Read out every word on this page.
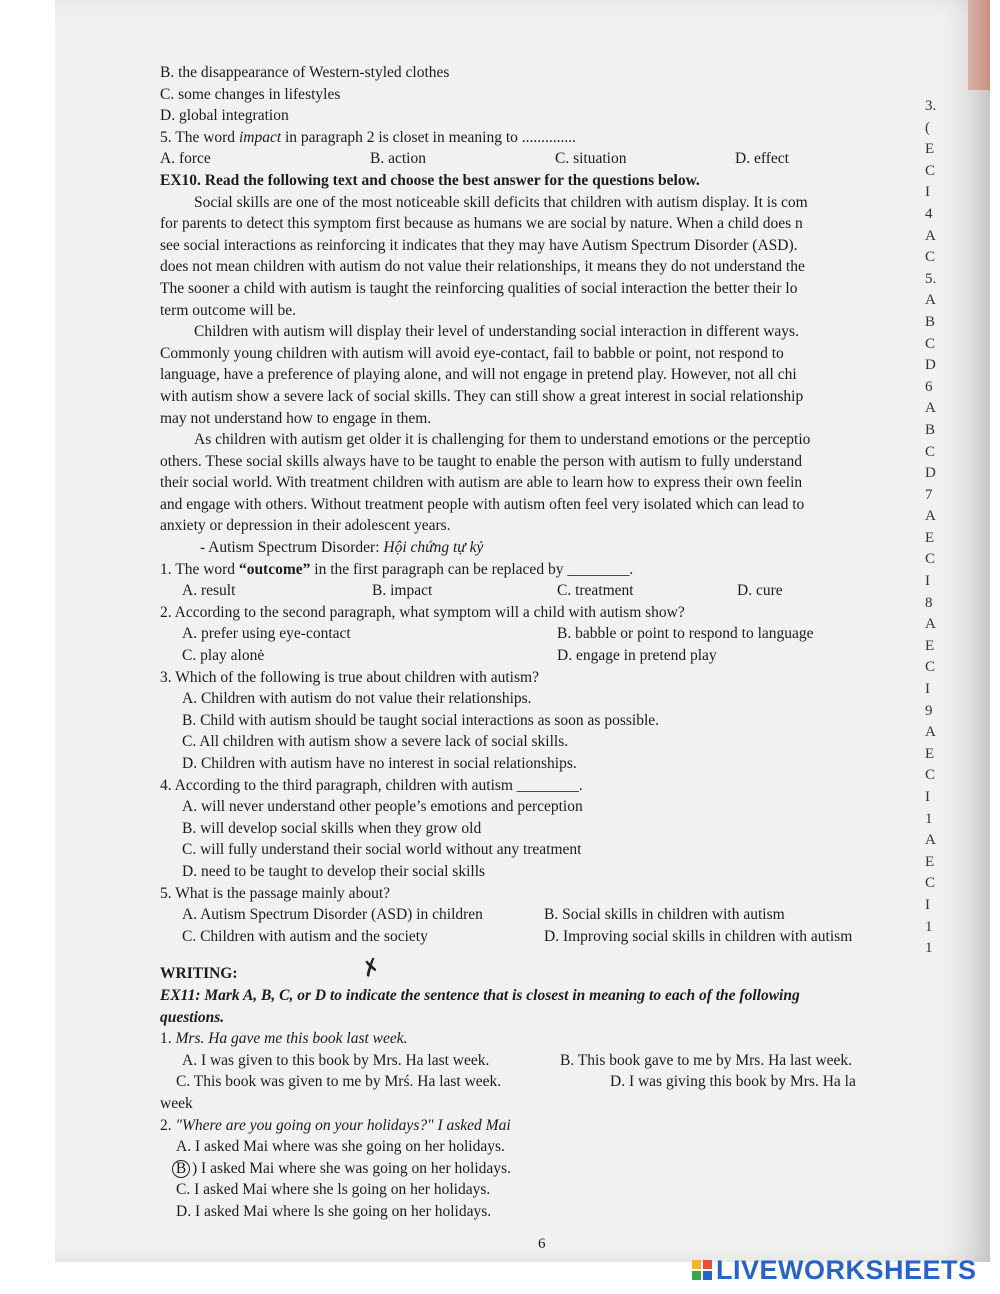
B. the disappearance of Western-styled clothes
C. some changes in lifestyles
D. global integration
5. The word impact in paragraph 2 is closet in meaning to ..............
A. force	B. action	C. situation	D. effect
EX10. Read the following text and choose the best answer for the questions below.
Social skills are one of the most noticeable skill deficits that children with autism display. It is com
for parents to detect this symptom first because as humans we are social by nature. When a child does n
see social interactions as reinforcing it indicates that they may have Autism Spectrum Disorder (ASD).
does not mean children with autism do not value their relationships, it means they do not understand the
The sooner a child with autism is taught the reinforcing qualities of social interaction the better their lo
term outcome will be.
Children with autism will display their level of understanding social interaction in different ways.
Commonly young children with autism will avoid eye-contact, fail to babble or point, not respond to
language, have a preference of playing alone, and will not engage in pretend play. However, not all chi
with autism show a severe lack of social skills. They can still show a great interest in social relationship
may not understand how to engage in them.
As children with autism get older it is challenging for them to understand emotions or the perceptio
others. These social skills always have to be taught to enable the person with autism to fully understand
their social world. With treatment children with autism are able to learn how to express their own feelin
and engage with others. Without treatment people with autism often feel very isolated which can lead to
anxiety or depression in their adolescent years.
- Autism Spectrum Disorder: Hội chứng tự kỷ
1. The word “outcome” in the first paragraph can be replaced by ________.
A. result	B. impact	C. treatment	D. cure
2. According to the second paragraph, what symptom will a child with autism show?
A. prefer using eye-contact	B. babble or point to respond to language
C. play alonė	D. engage in pretend play
3. Which of the following is true about children with autism?
A. Children with autism do not value their relationships.
B. Child with autism should be taught social interactions as soon as possible.
C. All children with autism show a severe lack of social skills.
D. Children with autism have no interest in social relationships.
4. According to the third paragraph, children with autism ________.
A. will never understand other people’s emotions and perception
B. will develop social skills when they grow old
C. will fully understand their social world without any treatment
D. need to be taught to develop their social skills
5. What is the passage mainly about?
A. Autism Spectrum Disorder (ASD) in children	B. Social skills in children with autism
C. Children with autism and the society	D. Improving social skills in children with autism
WRITING:
EX11: Mark A, B, C, or D to indicate the sentence that is closest in meaning to each of the following
questions.
1. Mrs. Ha gave me this book last week.
A. I was given to this book by Mrs. Ha last week.	B. This book gave to me by Mrs. Ha last week.
C. This book was given to me by Mrś. Ha last week.	D. I was giving this book by Mrs. Ha la
week
2. "Where are you going on your holidays?" I asked Mai
A. I asked Mai where was she going on her holidays.
B ) I asked Mai where she was going on her holidays.
C. I asked Mai where she ls going on her holidays.
D. I asked Mai where ls she going on her holidays.
✗
3.
(
E
C
I
4
A
C
5.
A
B
C
D
6
A
B
C
D
7
A
E
C
I
8
A
E
C
I
9
A
E
C
I
1
A
E
C
I
1
1
6
LIVEWORKSHEETS
